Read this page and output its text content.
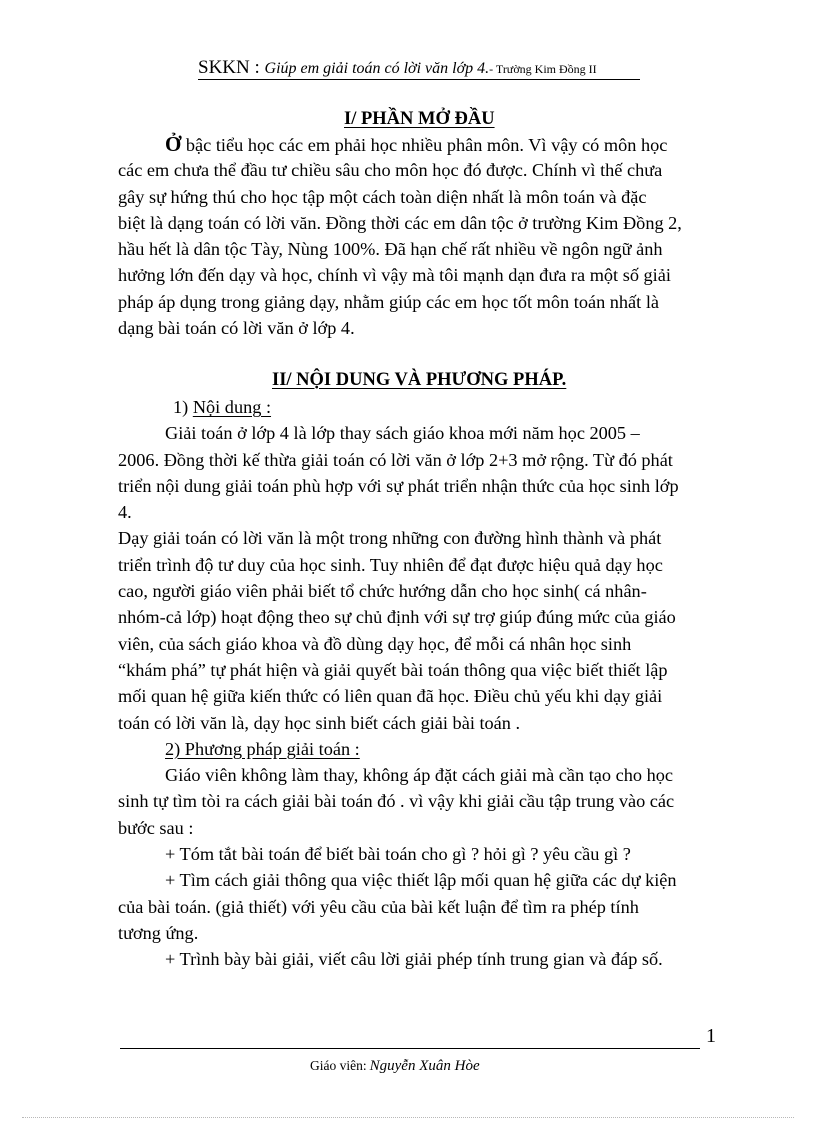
SKKN : Giúp em giải toán có lời văn lớp 4.- Trường Kim Đồng II
I/ PHẦN MỞ ĐẦU
Ở bậc tiểu học các em phải học nhiều phân môn. Vì vậy có môn học
các em chưa thể đầu tư chiều sâu cho môn học đó được. Chính vì thế chưa
gây sự hứng thú cho học tập một cách toàn diện nhất là môn toán và đặc
biệt là dạng toán có lời văn. Đồng thời các em dân tộc ở trường Kim Đồng 2,
hầu hết là dân tộc Tày, Nùng 100%. Đã hạn chế rất nhiều về ngôn ngữ ảnh
hưởng lớn đến dạy và học, chính vì vậy mà tôi mạnh dạn đưa ra một số giải
pháp áp dụng trong giảng dạy, nhằm giúp các em học tốt môn toán nhất là
dạng bài toán có lời văn ở lớp 4.
II/ NỘI DUNG VÀ PHƯƠNG PHÁP.
1) Nội dung :
Giải toán ở lớp 4 là lớp thay sách giáo khoa mới năm học 2005 –
2006. Đồng thời kế thừa giải toán có lời văn ở lớp 2+3 mở rộng. Từ đó phát
triển nội dung giải toán phù hợp với sự phát triển nhận thức của học sinh lớp
4.
Dạy giải toán có lời văn là một trong những con đường hình thành và phát
triển trình độ tư duy của học sinh. Tuy nhiên để đạt được hiệu quả dạy học
cao, người giáo viên phải biết tổ chức hướng dẫn cho học sinh( cá nhân-
nhóm-cả lớp) hoạt động theo sự chủ định với sự trợ giúp đúng mức của giáo
viên, của sách giáo khoa và đồ dùng dạy học, để mỗi cá nhân học sinh
“khám phá” tự phát hiện và giải quyết bài toán thông qua việc biết thiết lập
mối quan hệ giữa kiến thức có liên quan đã học. Điều chủ yếu khi dạy giải
toán có lời văn là, dạy học sinh biết cách giải bài toán .
2) Phương pháp giải toán :
Giáo viên không làm thay, không áp đặt cách giải mà cần tạo cho học
sinh tự tìm tòi ra cách giải bài toán đó . vì vậy khi giải cầu tập trung vào các
bước sau :
+ Tóm tắt bài toán để biết bài toán cho gì ? hỏi gì ? yêu cầu gì ?
+ Tìm cách giải thông qua việc thiết lập mối quan hệ giữa các dự kiện
của bài toán. (giả thiết) với yêu cầu của bài kết luận để tìm ra phép tính
tương ứng.
+ Trình bày bài giải, viết câu lời giải phép tính trung gian và đáp số.
1
Giáo viên: Nguyễn Xuân Hòe
